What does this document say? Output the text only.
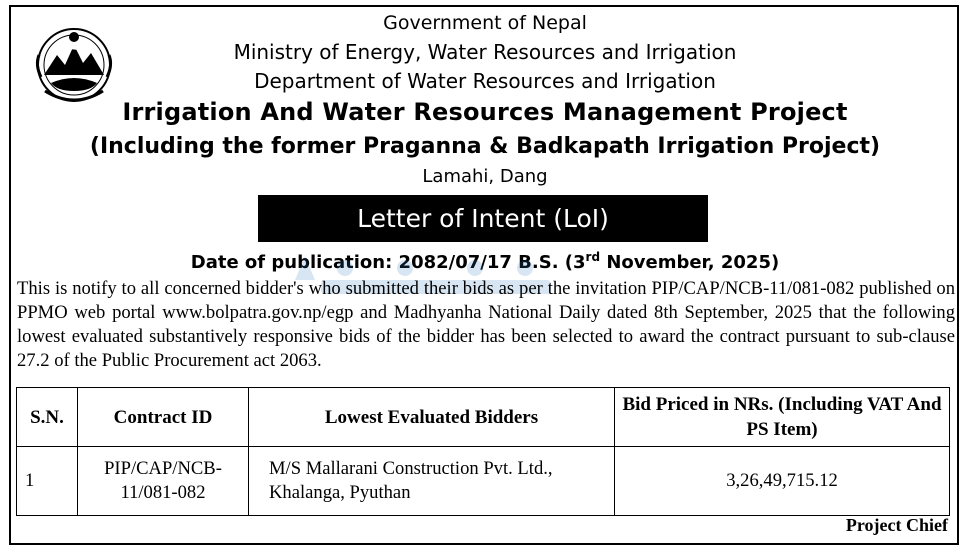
Government of Nepal
Ministry of Energy, Water Resources and Irrigation
Department of Water Resources and Irrigation
Irrigation And Water Resources Management Project
(Including the former Praganna & Badkapath Irrigation Project)
Lamahi, Dang
Letter of Intent (LoI)
Date of publication: 2082/07/17 B.S. (3rd November, 2025)
This is notify to all concerned bidder's who submitted their bids as per the invitation PIP/CAP/NCB-11/081-082 published on PPMO web portal www.bolpatra.gov.np/egp and Madhyanha National Daily dated 8th September, 2025 that the following lowest evaluated substantively responsive bids of the bidder has been selected to award the contract pursuant to sub-clause 27.2 of the Public Procurement act 2063.
S.N.	Contract ID	Lowest Evaluated Bidders	Bid Priced in NRs. (Including VAT And PS Item)
1	PIP/CAP/NCB-11/081-082	M/S Mallarani Construction Pvt. Ltd., Khalanga, Pyuthan	3,26,49,715.12
Project Chief
